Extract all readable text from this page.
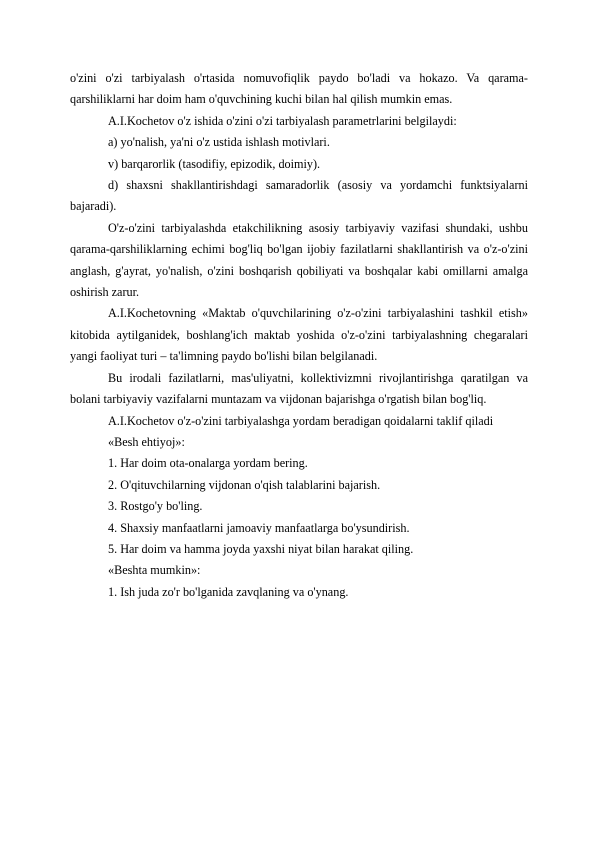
o'zini o'zi tarbiyalash o'rtasida nomuvofiqlik paydo bo'ladi va hokazo. Va qarama-qarshiliklarni har doim ham o'quvchining kuchi bilan hal qilish mumkin emas.

A.I.Kochetov o'z ishida o'zini o'zi tarbiyalash parametrlarini belgilaydi:

a) yo'nalish, ya'ni o'z ustida ishlash motivlari.

v) barqarorlik (tasodifiy, epizodik, doimiy).

d) shaxsni shakllantirishdagi samaradorlik (asosiy va yordamchi funktsiyalarni bajaradi).

O'z-o'zini tarbiyalashda etakchilikning asosiy tarbiyaviy vazifasi shundaki, ushbu qarama-qarshiliklarning echimi bog'liq bo'lgan ijobiy fazilatlarni shakllantirish va o'z-o'zini anglash, g'ayrat, yo'nalish, o'zini boshqarish qobiliyati va boshqalar kabi omillarni amalga oshirish zarur.

A.I.Kochetovning «Maktab o'quvchilarining o'z-o'zini tarbiyalashini tashkil etish» kitobida aytilganidek, boshlang'ich maktab yoshida o'z-o'zini tarbiyalashning chegaralari yangi faoliyat turi – ta'limning paydo bo'lishi bilan belgilanadi.

Bu irodali fazilatlarni, mas'uliyatni, kollektivizmni rivojlantirishga qaratilgan va bolani tarbiyaviy vazifalarni muntazam va vijdonan bajarishga o'rgatish bilan bog'liq.

A.I.Kochetov o'z-o'zini tarbiyalashga yordam beradigan qoidalarni taklif qiladi

«Besh ehtiyoj»:

1. Har doim ota-onalarga yordam bering.

2. O'qituvchilarning vijdonan o'qish talablarini bajarish.

3. Rostgo'y bo'ling.

4. Shaxsiy manfaatlarni jamoaviy manfaatlarga bo'ysundirish.

5. Har doim va hamma joyda yaxshi niyat bilan harakat qiling.

«Beshta mumkin»:

1. Ish juda zo'r bo'lganida zavqlaning va o'ynang.
